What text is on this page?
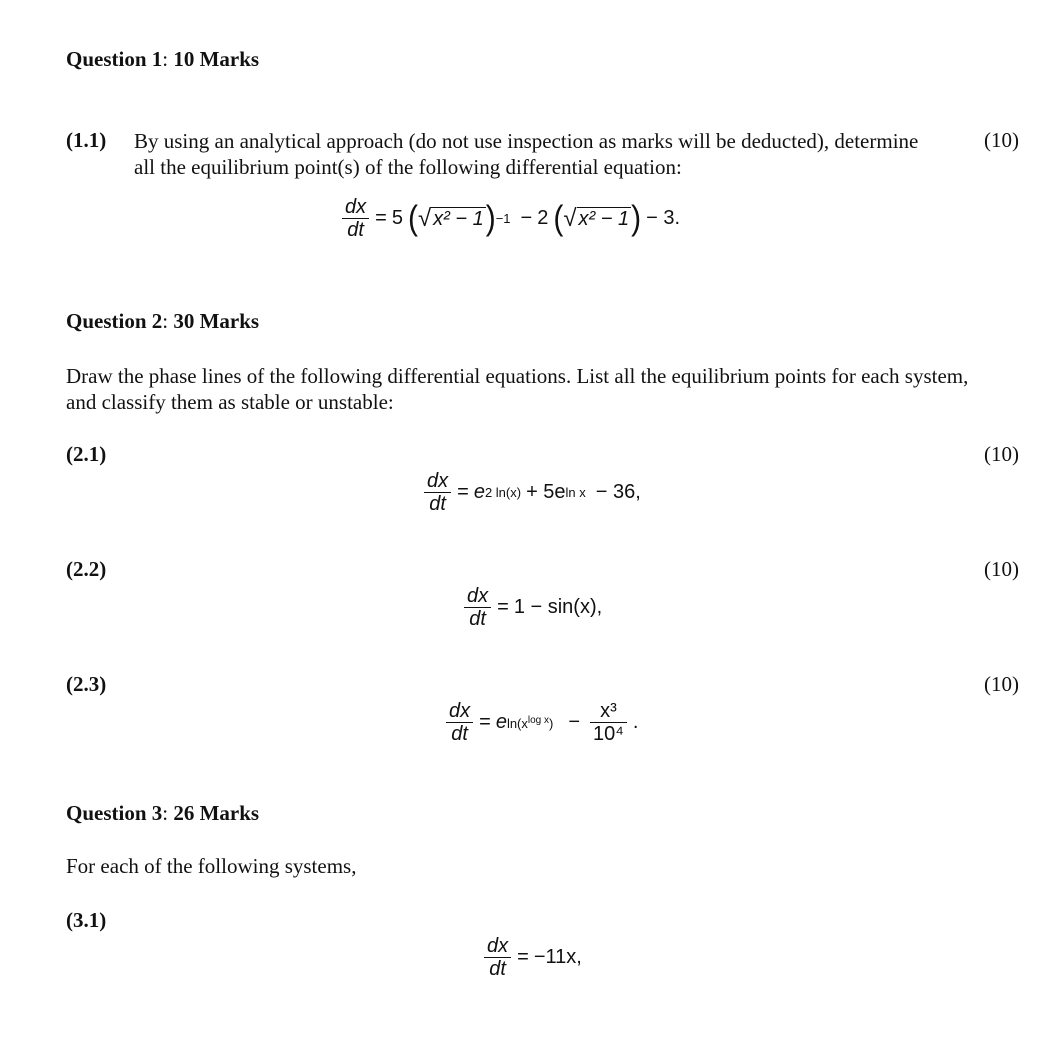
Question 1: 10 Marks
(1.1) By using an analytical approach (do not use inspection as marks will be deducted), determine
all the equilibrium point(s) of the following differential equation:
(10)
$\frac{dx}{dt} = 5$ ( √ x² − 1 ) −1 − 2 ( √ x² − 1 ) − 3.
Question 2: 30 Marks
Draw the phase lines of the following differential equations. List all the equilibrium points for each system,
and classify them as stable or unstable:
(2.1)	(10)
$\frac{dx}{dt} = e$ 2 ln(x) + 5e ln x − 36,
(2.2)	(10)
$\frac{dx}{dt} = 1 - \sin(x)$,
(2.3)	(10)
$\frac{dx}{dt} = e$ $\ln(x^{log x}) - \frac{\text{x³}}{\text{10⁴}}$ .
Question 3: 26 Marks
For each of the following systems,
(3.1)
$\frac{dx}{dt} = -11x$,
